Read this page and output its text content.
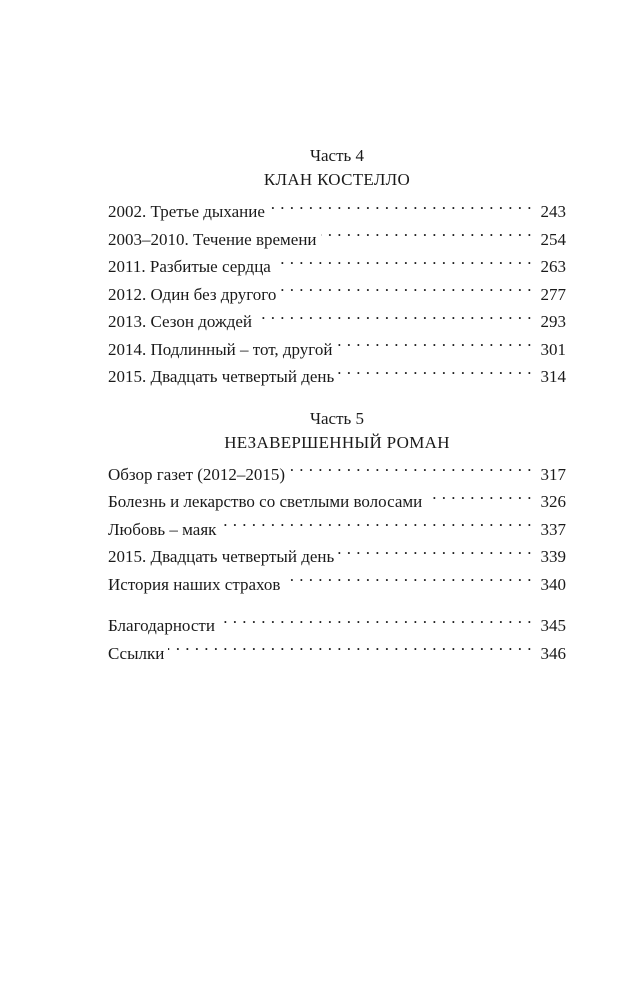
Часть 4
КЛАН КОСТЕЛЛО
2002. Третье дыхание . . .	243
2003–2010. Течение времени . . .	254
2011. Разбитые сердца . . .	263
2012. Один без другого . . .	277
2013. Сезон дождей . . .	293
2014. Подлинный – тот, другой . . .	301
2015. Двадцать четвертый день . . .	314
Часть 5
НЕЗАВЕРШЕННЫЙ РОМАН
Обзор газет (2012–2015) . . .	317
Болезнь и лекарство со светлыми волосами . . .	326
Любовь – маяк . . .	337
2015. Двадцать четвертый день . . .	339
История наших страхов . . .	340
Благодарности . . .	345
Ссылки . . .	346
